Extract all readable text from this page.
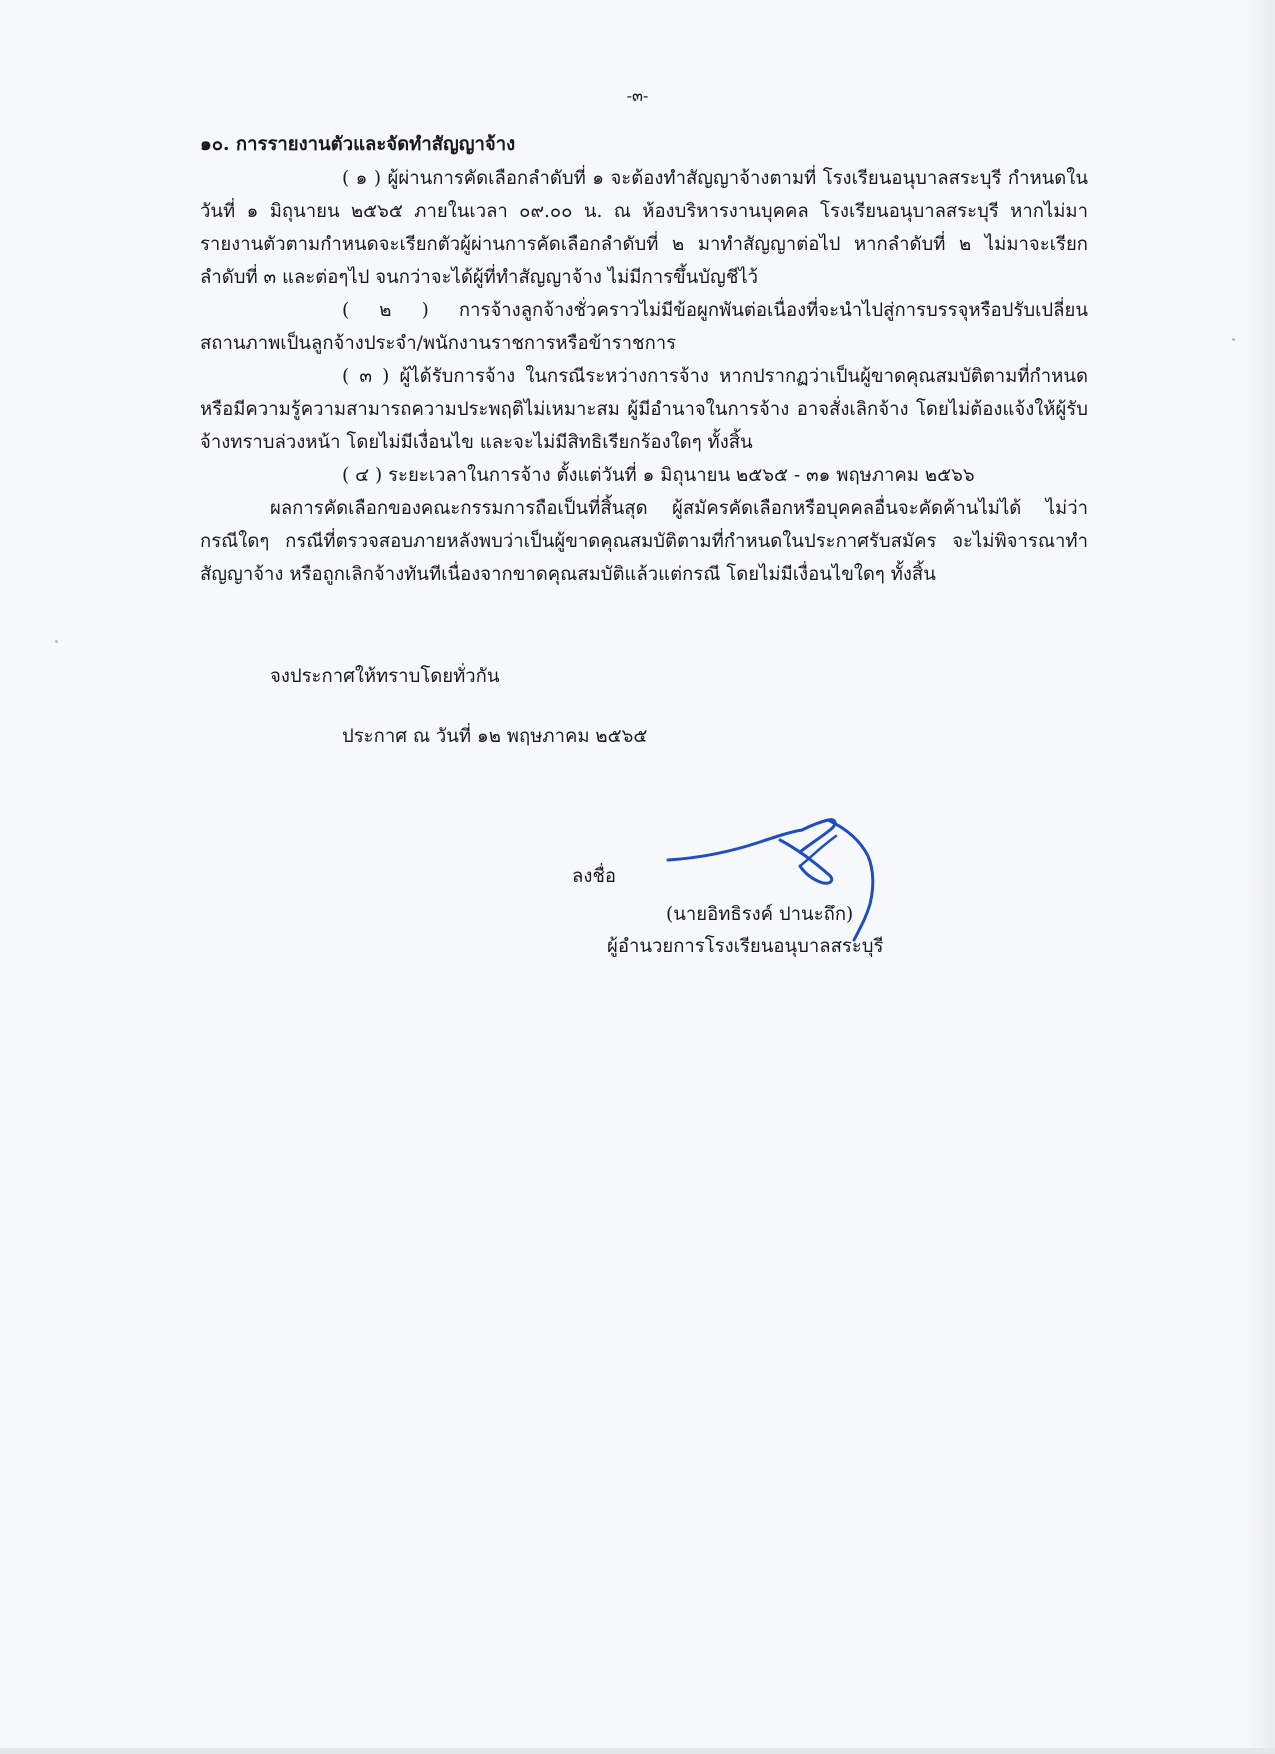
-๓-
๑๐. การรายงานตัวและจัดทำสัญญาจ้าง

( ๑ ) ผู้ผ่านการคัดเลือกลำดับที่ ๑ จะต้องทำสัญญาจ้างตามที่ โรงเรียนอนุบาลสระบุรี กำหนดในวันที่ ๑ มิถุนายน ๒๕๖๕ ภายในเวลา ๐๙.๐๐ น. ณ ห้องบริหารงานบุคคล โรงเรียนอนุบาลสระบุรี หากไม่มารายงานตัวตามกำหนดจะเรียกตัวผู้ผ่านการคัดเลือกลำดับที่ ๒ มาทำสัญญาต่อไป หากลำดับที่ ๒ ไม่มาจะเรียกลำดับที่ ๓ และต่อๆไป จนกว่าจะได้ผู้ที่ทำสัญญาจ้าง ไม่มีการขึ้นบัญชีไว้

( ๒ ) การจ้างลูกจ้างชั่วคราวไม่มีข้อผูกพันต่อเนื่องที่จะนำไปสู่การบรรจุหรือปรับเปลี่ยนสถานภาพเป็นลูกจ้างประจำ/พนักงานราชการหรือข้าราชการ

( ๓ ) ผู้ได้รับการจ้าง ในกรณีระหว่างการจ้าง หากปรากฏว่าเป็นผู้ขาดคุณสมบัติตามที่กำหนดหรือมีความรู้ความสามารถความประพฤติไม่เหมาะสม ผู้มีอำนาจในการจ้าง อาจสั่งเลิกจ้าง โดยไม่ต้องแจ้งให้ผู้รับจ้างทราบล่วงหน้า โดยไม่มีเงื่อนไข และจะไม่มีสิทธิเรียกร้องใดๆ ทั้งสิ้น

( ๔ ) ระยะเวลาในการจ้าง ตั้งแต่วันที่ ๑ มิถุนายน ๒๕๖๕ - ๓๑ พฤษภาคม ๒๕๖๖

ผลการคัดเลือกของคณะกรรมการถือเป็นที่สิ้นสุด ผู้สมัครคัดเลือกหรือบุคคลอื่นจะคัดค้านไม่ได้ ไม่ว่ากรณีใดๆ กรณีที่ตรวจสอบภายหลังพบว่าเป็นผู้ขาดคุณสมบัติตามที่กำหนดในประกาศรับสมัคร จะไม่พิจารณาทำสัญญาจ้าง หรือถูกเลิกจ้างทันทีเนื่องจากขาดคุณสมบัติแล้วแต่กรณี โดยไม่มีเงื่อนไขใดๆ ทั้งสิ้น

จงประกาศให้ทราบโดยทั่วกัน
ประกาศ ณ วันที่ ๑๒ พฤษภาคม ๒๕๖๕
ลงชื่อ
(นายอิทธิรงค์ ปานะถึก)
ผู้อำนวยการโรงเรียนอนุบาลสระบุรี
